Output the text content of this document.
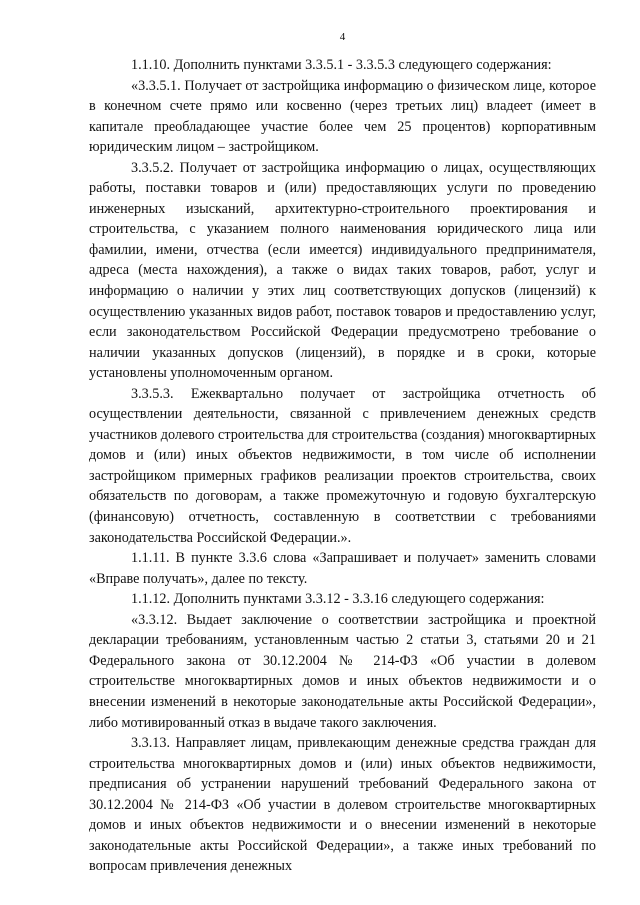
4

1.1.10. Дополнить пунктами 3.3.5.1 - 3.3.5.3 следующего содержания:

«3.3.5.1. Получает от застройщика информацию о физическом лице, которое в конечном счете прямо или косвенно (через третьих лиц) владеет (имеет в капитале преобладающее участие более чем 25 процентов) корпоративным юридическим лицом – застройщиком.

3.3.5.2. Получает от застройщика информацию о лицах, осуществляющих работы, поставки товаров и (или) предоставляющих услуги по проведению инженерных изысканий, архитектурно-строительного проектирования и строительства, с указанием полного наименования юридического лица или фамилии, имени, отчества (если имеется) индивидуального предпринимателя, адреса (места нахождения), а также о видах таких товаров, работ, услуг и информацию о наличии у этих лиц соответствующих допусков (лицензий) к осуществлению указанных видов работ, поставок товаров и предоставлению услуг, если законодательством Российской Федерации предусмотрено требование о наличии указанных допусков (лицензий), в порядке и в сроки, которые установлены уполномоченным органом.

3.3.5.3. Ежеквартально получает от застройщика отчетность об осуществлении деятельности, связанной с привлечением денежных средств участников долевого строительства для строительства (создания) многоквартирных домов и (или) иных объектов недвижимости, в том числе об исполнении застройщиком примерных графиков реализации проектов строительства, своих обязательств по договорам, а также промежуточную и годовую бухгалтерскую (финансовую) отчетность, составленную в соответствии с требованиями законодательства Российской Федерации.».

1.1.11. В пункте 3.3.6 слова «Запрашивает и получает» заменить словами «Вправе получать», далее по тексту.

1.1.12. Дополнить пунктами 3.3.12 - 3.3.16 следующего содержания:

«3.3.12. Выдает заключение о соответствии застройщика и проектной декларации требованиям, установленным частью 2 статьи 3, статьями 20 и 21 Федерального закона от 30.12.2004 № 214-ФЗ «Об участии в долевом строительстве многоквартирных домов и иных объектов недвижимости и о внесении изменений в некоторые законодательные акты Российской Федерации», либо мотивированный отказ в выдаче такого заключения.

3.3.13. Направляет лицам, привлекающим денежные средства граждан для строительства многоквартирных домов и (или) иных объектов недвижимости, предписания об устранении нарушений требований Федерального закона от 30.12.2004 № 214-ФЗ «Об участии в долевом строительстве многоквартирных домов и иных объектов недвижимости и о внесении изменений в некоторые законодательные акты Российской Федерации», а также иных требований по вопросам привлечения денежных
